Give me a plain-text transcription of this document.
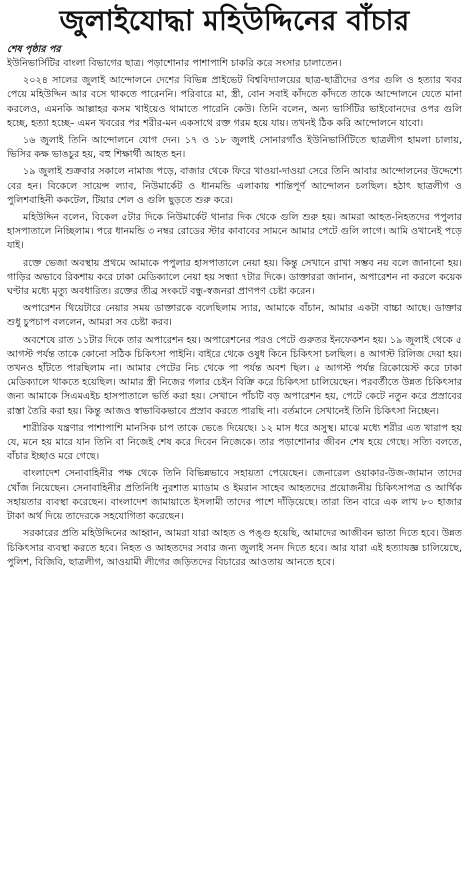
জুলাইযোদ্ধা মহিউদ্দিনের বাঁচার
শেষ পৃষ্ঠার পর

ইউনিভার্সিটির বাংলা বিভাগের ছাত্র। পড়াশোনার পাশাপাশি চাকরি করে সংসার চালাতেন।

২০২৪ সালের জুলাই আন্দোলনে দেশের বিভিন্ন প্রাইভেট বিশ্ববিদ্যালয়ের ছাত্র-ছাত্রীদের ওপর গুলি ও হত্যার খবর পেয়ে মহিউদ্দিন আর বসে থাকতে পারেননি। পরিবারে মা, স্ত্রী, বোন সবাই কাঁদতে কাঁদতে তাকে আন্দোলনে যেতে মানা করলেও, এমনকি আল্লাহর কসম খাইয়েও থামাতে পারেনি কেউ। তিনি বলেন, অন্য ভার্সিটির ভাইবোনদের ওপর গুলি হচ্ছে, হত্যা হচ্ছে– এমন খবরের পর শরীর-মন একসাথে রক্ত গরম হয়ে যায়। তখনই ঠিক করি আন্দোলনে যাবো।

১৬ জুলাই তিনি আন্দোলনে যোগ দেন। ১৭ ও ১৮ জুলাই সোনারগাঁও ইউনিভার্সিটিতে ছাত্রলীগ হামলা চালায়, ভিসির কক্ষ ভাঙচুর হয়, বহু শিক্ষার্থী আহত হন।

১৯ জুলাই শুক্রবার সকালে নামাজ পড়ে, বাজার থেকে ফিরে খাওয়া-দাওয়া সেরে তিনি আবার আন্দোলনের উদ্দেশ্যে বের হন। বিকেলে সায়েন্স ল্যাব, নিউমার্কেট ও ধানমন্ডি এলাকায় শান্তিপূর্ণ আন্দোলন চলছিল। হঠাৎ ছাত্রলীগ ও পুলিশবাহিনী ককটেল, টিয়ার শেল ও গুলি ছুড়তে শুরু করে।

মহিউদ্দিন বলেন, বিকেল ৫টার দিকে নিউমার্কেট থানার দিক থেকে গুলি শুরু হয়। আমরা আহত-নিহতদের পপুলার হাসপাতালে নিচ্ছিলাম। পরে ধানমন্ডি ৩ নম্বর রোডের স্টার কাবাবের সামনে আমার পেটে গুলি লাগে। আমি ওখানেই পড়ে যাই।

রক্তে ভেজা অবস্থায় প্রথমে আমাকে পপুলার হাসপাতালে নেয়া হয়। কিন্তু সেখানে রাখা সম্ভব নয় বলে জানানো হয়। গাড়ির অভাবে রিকশায় করে ঢাকা মেডিক্যালে নেয়া হয় সন্ধ্যা ৭টার দিকে। ডাক্তাররা জানান, অপারেশন না করলে কয়েক ঘণ্টার মধ্যে মৃত্যু অবধারিত। রক্তের তীব্র সংকটে বন্ধু-স্বজনরা প্রাণপণ চেষ্টা করেন।

অপারেশন থিয়েটারে নেয়ার সময় ডাক্তারকে বলেছিলাম স্যার, আমাকে বাঁচান, আমার একটা বাচ্চা আছে। ডাক্তার শুধু চুপচাপ বললেন, আমরা সব চেষ্টা করব।

অবশেষে রাত ১১টার দিকে তার অপারেশন হয়। অপারেশনের পরও পেটে গুরুতর ইনফেকশন হয়। ১৯ জুলাই থেকে ৫ আগস্ট পর্যন্ত তাকে কোনো সঠিক চিকিৎসা পাইনি। বাইরে থেকে ওষুধ কিনে চিকিৎসা চলছিল। ৪ আগস্ট রিলিজ দেয়া হয়। তখনও হাঁটতে পারছিলাম না। আমার পেটের নিচ থেকে পা পর্যন্ত অবশ ছিল। ৫ আগস্ট পর্যন্ত রিকোয়েস্ট করে ঢাকা মেডিক্যালে থাকতে হয়েছিল। আমার স্ত্রী নিজের গলার চেইন বিক্রি করে চিকিৎসা চালিয়েছেন। পরবর্তীতে উন্নত চিকিৎসার জন্য আমাকে সিএমএইচ হাসপাতালে ভর্তি করা হয়। সেখানে পাঁচটি বড় অপারেশন হয়, পেটে কেটে নতুন করে প্রস্রাবের রাস্তা তৈরি করা হয়। কিন্তু আজও স্বাভাবিকভাবে প্রস্রাব করতে পারছি না। বর্তমানে সেখানেই তিনি চিকিৎসা নিচ্ছেন।

শারীরিক যন্ত্রণার পাশাপাশি মানসিক চাপ তাকে ভেঙে দিয়েছে। ১২ মাস ধরে অসুস্থ। মাঝে মধ্যে শরীর এত খারাপ হয় যে, মনে হয় মারে যান তিনি বা নিজেই শেষ করে দিবেন নিজেকে। তার পড়াশোনার জীবন শেষ হয়ে গেছে। সত্যি বলতে, বাঁচার ইচ্ছাও মরে গেছে।

বাংলাদেশ সেনাবাহিনীর পক্ষ থেকে তিনি বিভিন্নভাবে সহায়তা পেয়েছেন। জেনারেল ওয়াকার-উজ-জামান তাদের খোঁজ নিয়েছেন। সেনাবাহিনীর প্রতিনিধি নুরশাত ম্যাডাম ও ইমরান সাহেব আহতদের প্রয়োজনীয় চিকিৎসাপত্র ও আর্থিক সহায়তার ব্যবস্থা করেছেন। বাংলাদেশ জামায়াতে ইসলামী তাদের পাশে দাঁড়িয়েছে। তারা তিন বারে এক লাখ ৮০ হাজার টাকা অর্থ দিয়ে তাদেরকে সহযোগিতা করেছেন।

সরকারের প্রতি মহিউদ্দিনের আহ্বান, আমরা যারা আহত ও পঙ্গু হয়েছি, আমাদের আজীবন ভাতা দিতে হবে। উন্নত চিকিৎসার ব্যবস্থা করতে হবে। নিহত ও আহতদের সবার জন্য জুলাই সনদ দিতে হবে। আর যারা এই হত্যাযজ্ঞ চালিয়েছে, পুলিশ, বিজিবি, ছাত্রলীগ, আওয়ামী লীগের জড়িতদের বিচারের আওতায় আনতে হবে।
